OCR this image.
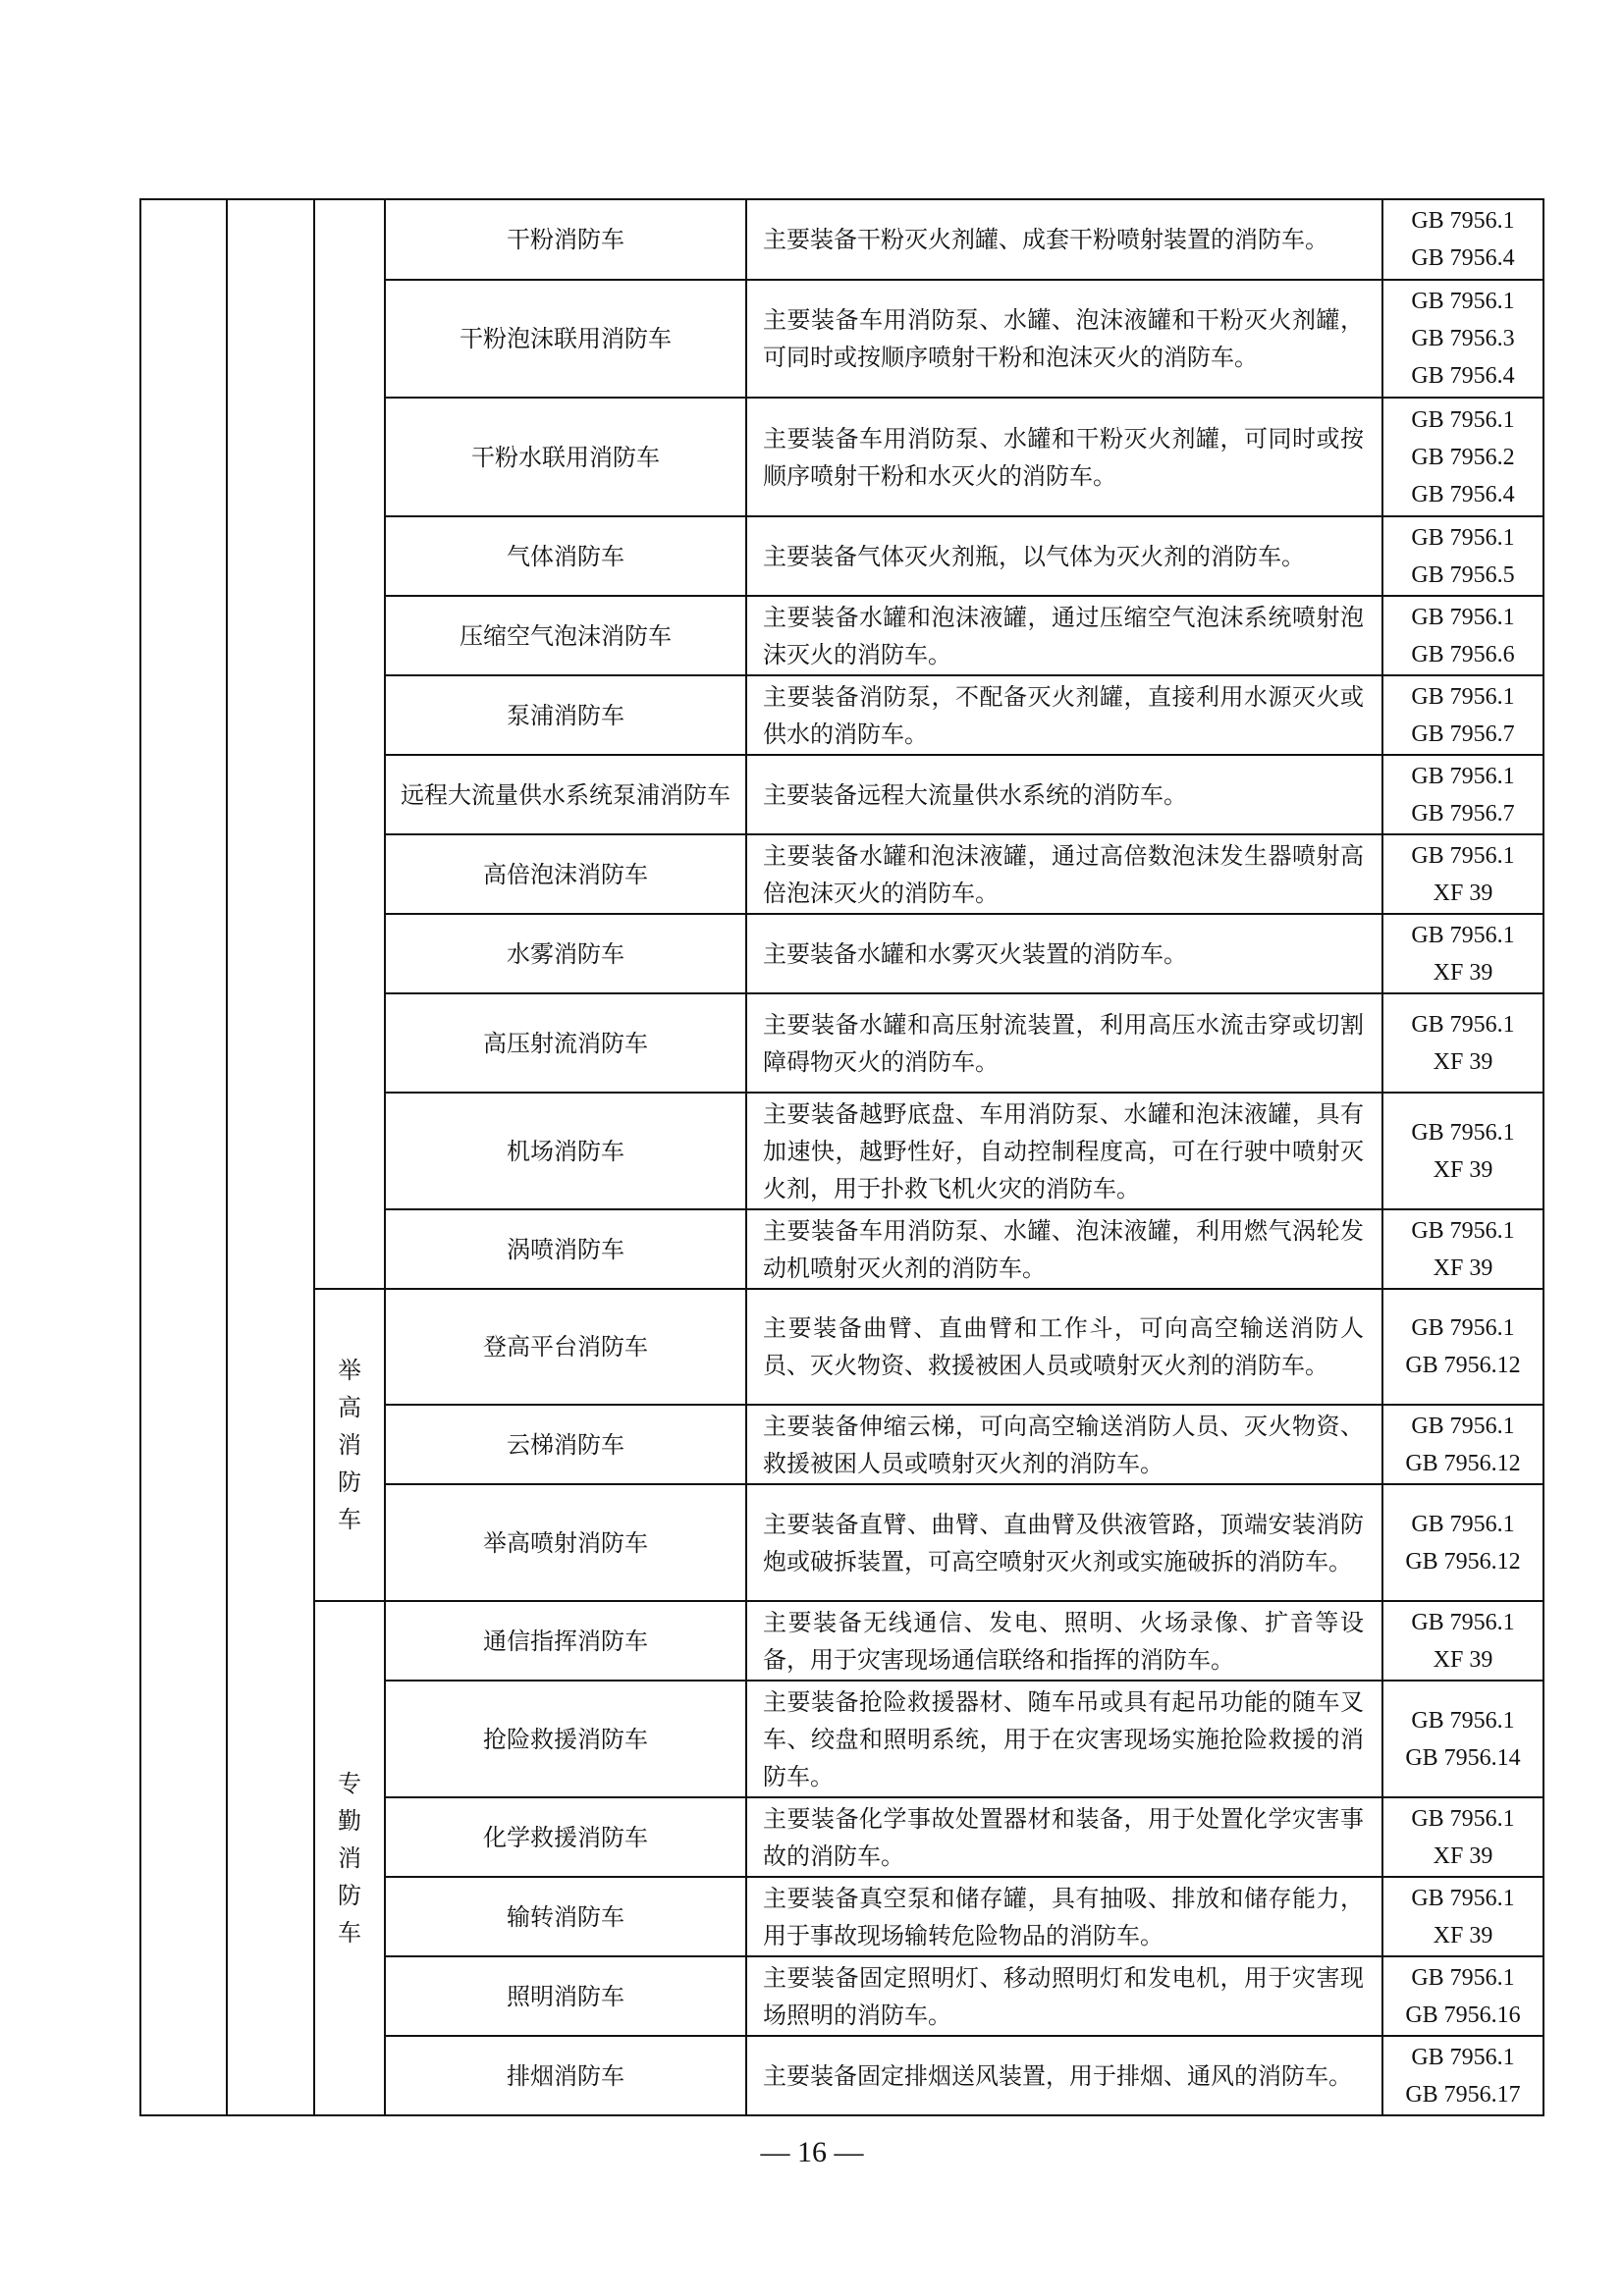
	干粉消防车	主要装备干粉灭火剂罐、成套干粉喷射装置的消防车。	GB 7956.1
GB 7956.4

			干粉泡沫联用消防车	主要装备车用消防泵、水罐、泡沫液罐和干粉灭火剂罐，可同时或按顺序喷射干粉和泡沫灭火的消防车。	GB 7956.1
GB 7956.3
GB 7956.4

			干粉水联用消防车	主要装备车用消防泵、水罐和干粉灭火剂罐，可同时或按顺序喷射干粉和水灭火的消防车。	GB 7956.1
GB 7956.2
GB 7956.4

			气体消防车	主要装备气体灭火剂瓶，以气体为灭火剂的消防车。	GB 7956.1
GB 7956.5

			压缩空气泡沫消防车	主要装备水罐和泡沫液罐，通过压缩空气泡沫系统喷射泡沫灭火的消防车。	GB 7956.1
GB 7956.6

			泵浦消防车	主要装备消防泵，不配备灭火剂罐，直接利用水源灭火或供水的消防车。	GB 7956.1
GB 7956.7

			远程大流量供水系统泵浦消防车	主要装备远程大流量供水系统的消防车。	GB 7956.1
GB 7956.7

			高倍泡沫消防车	主要装备水罐和泡沫液罐，通过高倍数泡沫发生器喷射高倍泡沫灭火的消防车。	GB 7956.1
XF 39

			水雾消防车	主要装备水罐和水雾灭火装置的消防车。	GB 7956.1
XF 39

			高压射流消防车	主要装备水罐和高压射流装置，利用高压水流击穿或切割障碍物灭火的消防车。	GB 7956.1
XF 39

			机场消防车	主要装备越野底盘、车用消防泵、水罐和泡沫液罐，具有加速快，越野性好，自动控制程度高，可在行驶中喷射灭火剂，用于扑救飞机火灾的消防车。	GB 7956.1
XF 39

			涡喷消防车	主要装备车用消防泵、水罐、泡沫液罐，利用燃气涡轮发动机喷射灭火剂的消防车。	GB 7956.1
XF 39

		举
高
消
防
车	登高平台消防车	主要装备曲臂、直曲臂和工作斗，可向高空输送消防人员、灭火物资、救援被困人员或喷射灭火剂的消防车。	GB 7956.1
GB 7956.12

			云梯消防车	主要装备伸缩云梯，可向高空输送消防人员、灭火物资、救援被困人员或喷射灭火剂的消防车。	GB 7956.1
GB 7956.12

			举高喷射消防车	主要装备直臂、曲臂、直曲臂及供液管路，顶端安装消防炮或破拆装置，可高空喷射灭火剂或实施破拆的消防车。	GB 7956.1
GB 7956.12

		专
勤
消
防
车	通信指挥消防车	主要装备无线通信、发电、照明、火场录像、扩音等设备，用于灾害现场通信联络和指挥的消防车。	GB 7956.1
XF 39

			抢险救援消防车	主要装备抢险救援器材、随车吊或具有起吊功能的随车叉车、绞盘和照明系统，用于在灾害现场实施抢险救援的消防车。	GB 7956.1
GB 7956.14

			化学救援消防车	主要装备化学事故处置器材和装备，用于处置化学灾害事故的消防车。	GB 7956.1
XF 39

			输转消防车	主要装备真空泵和储存罐，具有抽吸、排放和储存能力，用于事故现场输转危险物品的消防车。	GB 7956.1
XF 39

			照明消防车	主要装备固定照明灯、移动照明灯和发电机，用于灾害现场照明的消防车。	GB 7956.1
GB 7956.16

			排烟消防车	主要装备固定排烟送风装置，用于排烟、通风的消防车。	GB 7956.1
GB 7956.17
— 16 —
